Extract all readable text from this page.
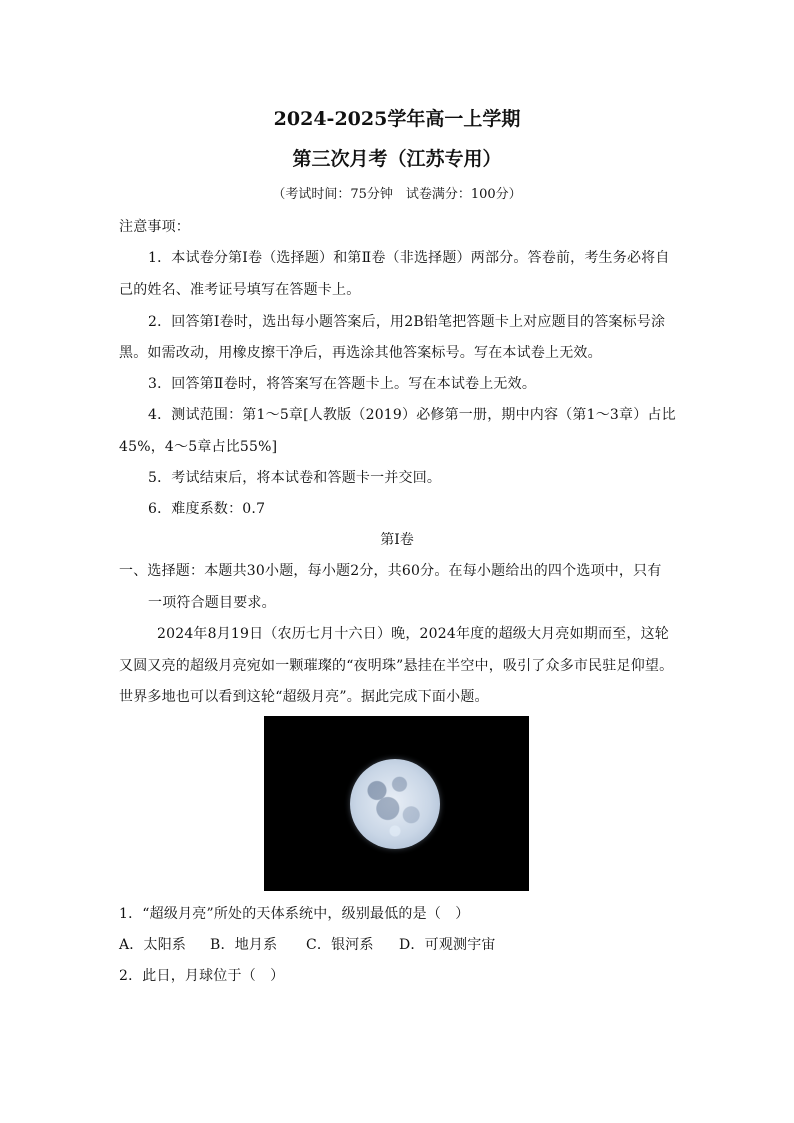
2024-2025学年高一上学期
第三次月考（江苏专用）
（考试时间：75分钟　试卷满分：100分）
注意事项：
1．本试卷分第Ⅰ卷（选择题）和第Ⅱ卷（非选择题）两部分。答卷前，考生务必将自
己的姓名、准考证号填写在答题卡上。
2．回答第Ⅰ卷时，选出每小题答案后，用2B铅笔把答题卡上对应题目的答案标号涂
黑。如需改动，用橡皮擦干净后，再选涂其他答案标号。写在本试卷上无效。
3．回答第Ⅱ卷时，将答案写在答题卡上。写在本试卷上无效。
4．测试范围：第1～5章[人教版（2019）必修第一册，期中内容（第1～3章）占比
45%，4～5章占比55%]
5．考试结束后，将本试卷和答题卡一并交回。
6．难度系数：0.7
第Ⅰ卷
一、选择题：本题共30小题，每小题2分，共60分。在每小题给出的四个选项中，只有
一项符合题目要求。
2024年8月19日（农历七月十六日）晚，2024年度的超级大月亮如期而至，这轮
又圆又亮的超级月亮宛如一颗璀璨的“夜明珠”悬挂在半空中，吸引了众多市民驻足仰望。
世界多地也可以看到这轮“超级月亮”。据此完成下面小题。
1．“超级月亮”所处的天体系统中，级别最低的是（　）
A．太阳系 B．地月系 C．银河系 D．可观测宇宙
2．此日，月球位于（　）
